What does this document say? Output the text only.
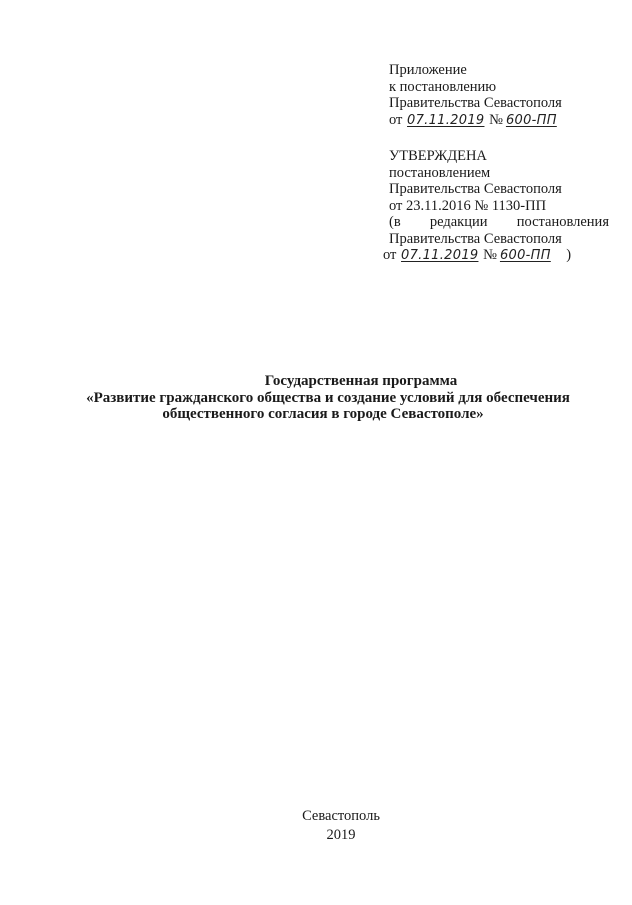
Приложение
к постановлению
Правительства Севастополя
от 07.11.2019 № 600-ПП
УТВЕРЖДЕНА
постановлением
Правительства Севастополя
от 23.11.2016 № 1130-ПП
(в редакции постановления
Правительства Севастополя
от 07.11.2019 № 600-ПП )
Государственная программа
«Развитие гражданского общества и создание условий для обеспечения
общественного согласия в городе Севастополе»
Севастополь
2019
